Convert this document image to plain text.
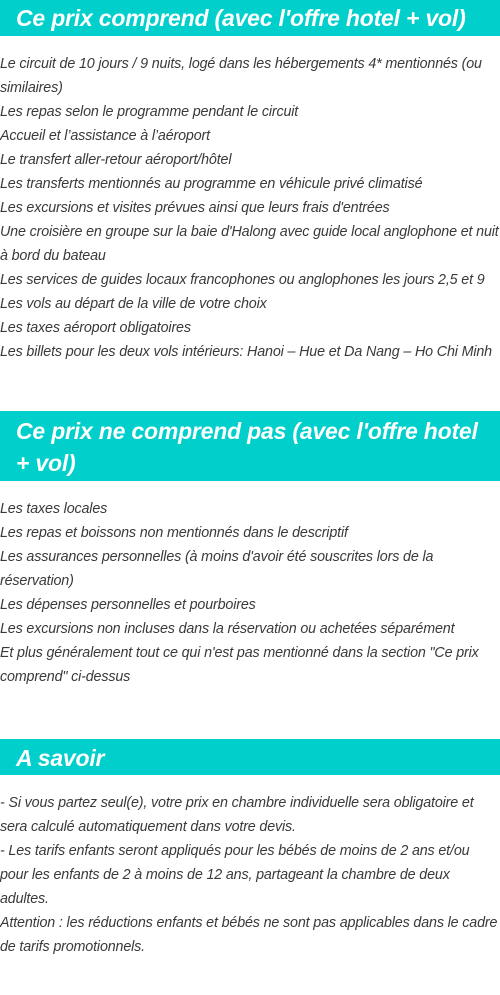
Ce prix comprend (avec l'offre hotel + vol)
Le circuit de 10 jours / 9 nuits, logé dans les hébergements 4* mentionnés (ou similaires)
Les repas selon le programme pendant le circuit
Accueil et l’assistance à l’aéroport
Le transfert aller-retour aéroport/hôtel
Les transferts mentionnés au programme en véhicule privé climatisé
Les excursions et visites prévues ainsi que leurs frais d'entrées
Une croisière en groupe sur la baie d'Halong avec guide local anglophone et nuit à bord du bateau
Les services de guides locaux francophones ou anglophones les jours 2,5 et 9
Les vols au départ de la ville de votre choix
Les taxes aéroport obligatoires
Les billets pour les deux vols intérieurs: Hanoi – Hue et Da Nang – Ho Chi Minh
Ce prix ne comprend pas (avec l'offre hotel + vol)
Les taxes locales
Les repas et boissons non mentionnés dans le descriptif
Les assurances personnelles (à moins d'avoir été souscrites lors de la réservation)
Les dépenses personnelles et pourboires
Les excursions non incluses dans la réservation ou achetées séparément
Et plus généralement tout ce qui n'est pas mentionné dans la section "Ce prix comprend" ci-dessus
A savoir
- Si vous partez seul(e), votre prix en chambre individuelle sera obligatoire et sera calculé automatiquement dans votre devis.
- Les tarifs enfants seront appliqués pour les bébés de moins de 2 ans et/ou pour les enfants de 2 à moins de 12 ans, partageant la chambre de deux adultes.
Attention : les réductions enfants et bébés ne sont pas applicables dans le cadre de tarifs promotionnels.
